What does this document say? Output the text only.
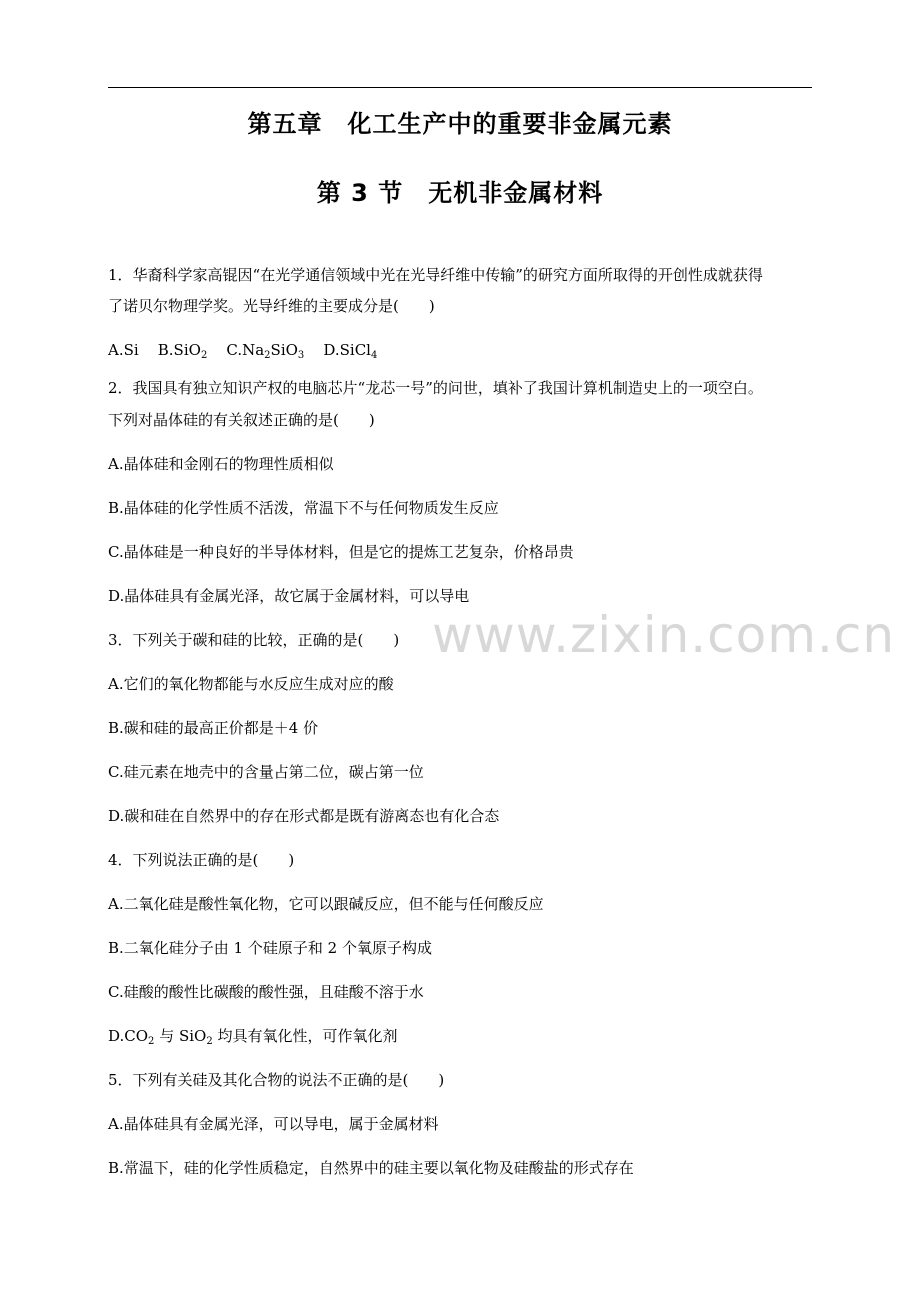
第五章　化工生产中的重要非金属元素
第 3 节　无机非金属材料
www.zixin.com.cn
1．华裔科学家高锟因“在光学通信领域中光在光导纤维中传输”的研究方面所取得的开创性成就获得
了诺贝尔物理学奖。光导纤维的主要成分是(　　)
A.Si B.SiO$_2$ $C.Na_2SiO_3$ D.SiCl$_4$
2．我国具有独立知识产权的电脑芯片“龙芯一号”的问世，填补了我国计算机制造史上的一项空白。
下列对晶体硅的有关叙述正确的是(　　)
A.晶体硅和金刚石的物理性质相似
B.晶体硅的化学性质不活泼，常温下不与任何物质发生反应
C.晶体硅是一种良好的半导体材料，但是它的提炼工艺复杂，价格昂贵
D.晶体硅具有金属光泽，故它属于金属材料，可以导电
3．下列关于碳和硅的比较，正确的是(　　)
A.它们的氧化物都能与水反应生成对应的酸
B.碳和硅的最高正价都是＋4 价
C.硅元素在地壳中的含量占第二位，碳占第一位
D.碳和硅在自然界中的存在形式都是既有游离态也有化合态
4．下列说法正确的是(　　)
A.二氧化硅是酸性氧化物，它可以跟碱反应，但不能与任何酸反应
B.二氧化硅分子由 1 个硅原子和 2 个氧原子构成
C.硅酸的酸性比碳酸的酸性强，且硅酸不溶于水
$D.CO_2$ 与 SiO$_2$ 均具有氧化性，可作氧化剂
5．下列有关硅及其化合物的说法不正确的是(　　)
A.晶体硅具有金属光泽，可以导电，属于金属材料
B.常温下，硅的化学性质稳定，自然界中的硅主要以氧化物及硅酸盐的形式存在
